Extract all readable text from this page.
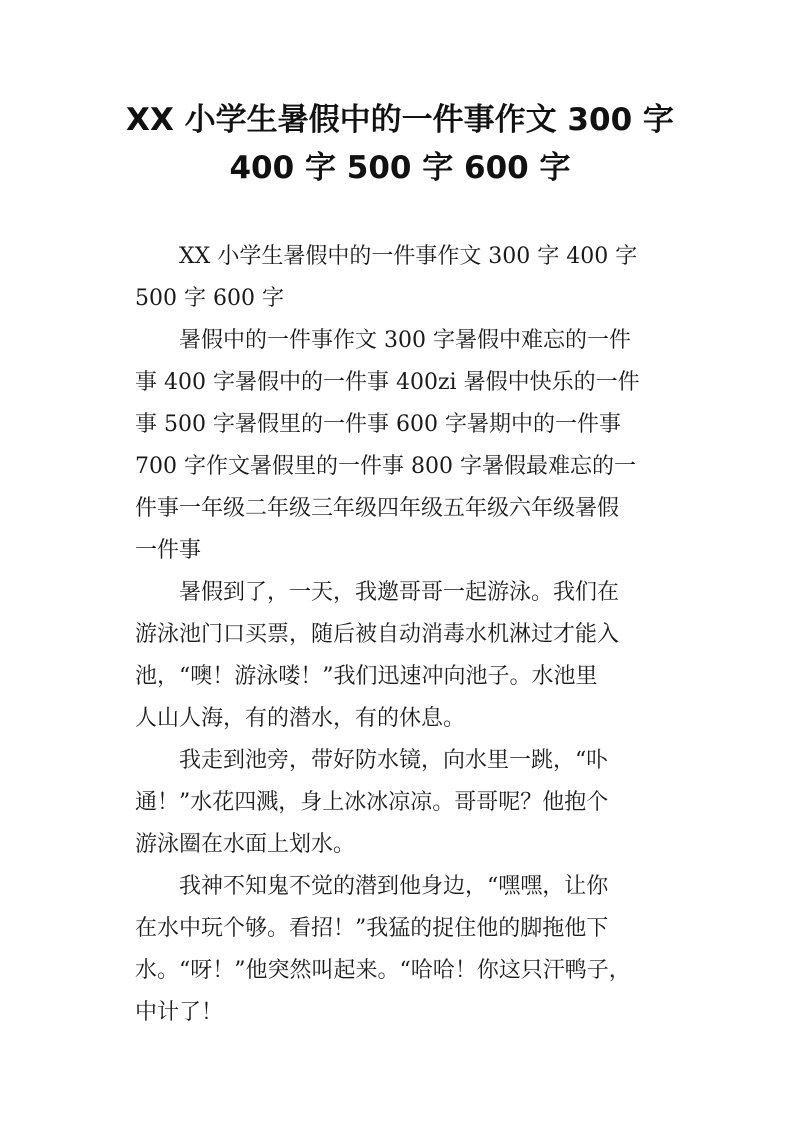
XX 小学生暑假中的一件事作文 300 字
400 字 500 字 600 字

XX 小学生暑假中的一件事作文 300 字 400 字
500 字 600 字

暑假中的一件事作文 300 字暑假中难忘的一件
事 400 字暑假中的一件事 400zi 暑假中快乐的一件
事 500 字暑假里的一件事 600 字暑期中的一件事
700 字作文暑假里的一件事 800 字暑假最难忘的一
件事一年级二年级三年级四年级五年级六年级暑假
一件事

暑假到了，一天，我邀哥哥一起游泳。我们在
游泳池门口买票，随后被自动消毒水机淋过才能入
池，“噢！游泳喽！”我们迅速冲向池子。水池里
人山人海，有的潜水，有的休息。

我走到池旁，带好防水镜，向水里一跳，“卟
通！”水花四溅，身上冰冰凉凉。哥哥呢？他抱个
游泳圈在水面上划水。

我神不知鬼不觉的潜到他身边，“嘿嘿，让你
在水中玩个够。看招！”我猛的捉住他的脚拖他下
水。“呀！”他突然叫起来。“哈哈！你这只汗鸭子，
中计了！
